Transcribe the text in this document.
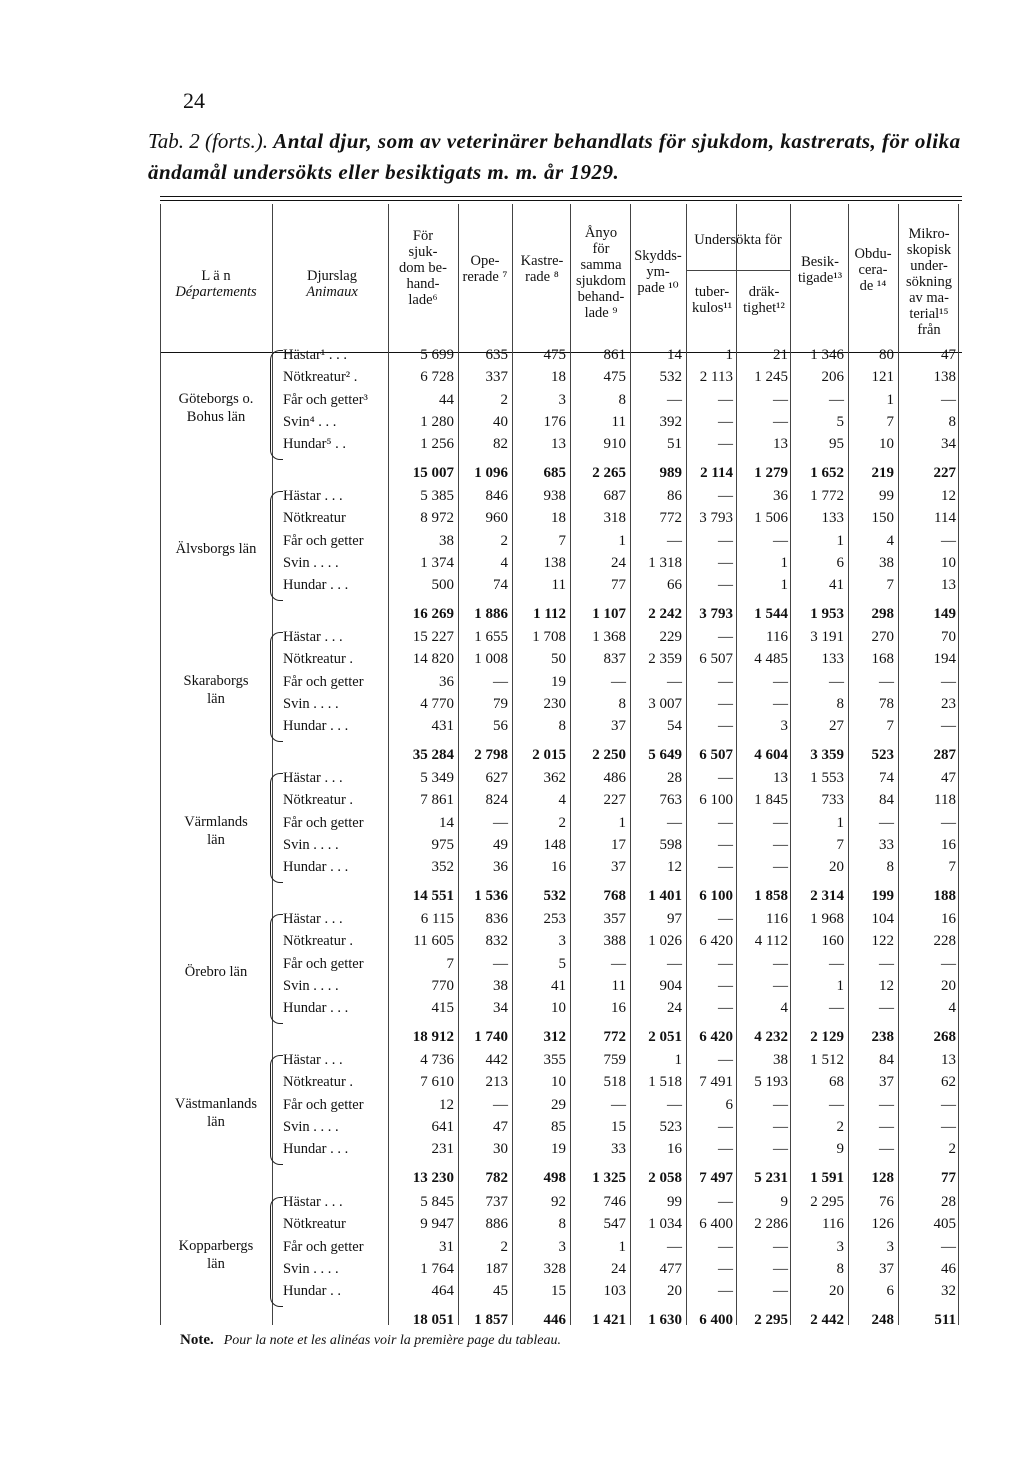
24
Tab. 2 (forts.). Antal djur, som av veterinärer behandlats för sjukdom, kastrerats, för olika ändamål undersökts eller besiktigats m. m. år 1929.
L ä n
Départements
Djurslag
Animaux
För
sjuk-
dom be-
hand-
lade⁶
Ope-
rerade ⁷
Kastre-
rade ⁸
Ånyo
för
samma
sjukdom
behand-
lade ⁹
Skydds-
ym-
pade ¹⁰
Undersökta för
tuber-
kulos¹¹
dräk-
tighet¹²
Besik-
tigade¹³
Obdu-
cera-
de ¹⁴
Mikro-
skopisk
under-
sökning
av ma-
terial¹⁵
från
Göteborgs o.
Bohus län
Hästar¹ . . .	5 699	635	475	861	14	1	21	1 346	80	47
Nötkreatur² .	6 728	337	18	475	532	2 113	1 245	206	121	138
Får och getter³	44	2	3	8	—	—	—	—	1	—
Svin⁴ . . .	1 280	40	176	11	392	—	—	5	7	8
Hundar⁵ . .	1 256	82	13	910	51	—	13	95	10	34
15 007	1 096	685	2 265	989	2 114	1 279	1 652	219	227
Älvsborgs län
Hästar . . .	5 385	846	938	687	86	—	36	1 772	99	12
Nötkreatur	8 972	960	18	318	772	3 793	1 506	133	150	114
Får och getter	38	2	7	1	—	—	—	1	4	—
Svin . . . .	1 374	4	138	24	1 318	—	1	6	38	10
Hundar . . .	500	74	11	77	66	—	1	41	7	13
16 269	1 886	1 112	1 107	2 242	3 793	1 544	1 953	298	149
Skaraborgs
län
Hästar . . .	15 227	1 655	1 708	1 368	229	—	116	3 191	270	70
Nötkreatur .	14 820	1 008	50	837	2 359	6 507	4 485	133	168	194
Får och getter	36	—	19	—	—	—	—	—	—	—
Svin . . . .	4 770	79	230	8	3 007	—	—	8	78	23
Hundar . . .	431	56	8	37	54	—	3	27	7	—
35 284	2 798	2 015	2 250	5 649	6 507	4 604	3 359	523	287
Värmlands
län
Hästar . . .	5 349	627	362	486	28	—	13	1 553	74	47
Nötkreatur .	7 861	824	4	227	763	6 100	1 845	733	84	118
Får och getter	14	—	2	1	—	—	—	1	—	—
Svin . . . .	975	49	148	17	598	—	—	7	33	16
Hundar . . .	352	36	16	37	12	—	—	20	8	7
14 551	1 536	532	768	1 401	6 100	1 858	2 314	199	188
Örebro län
Hästar . . .	6 115	836	253	357	97	—	116	1 968	104	16
Nötkreatur .	11 605	832	3	388	1 026	6 420	4 112	160	122	228
Får och getter	7	—	5	—	—	—	—	—	—	—
Svin . . . .	770	38	41	11	904	—	—	1	12	20
Hundar . . .	415	34	10	16	24	—	4	—	—	4
18 912	1 740	312	772	2 051	6 420	4 232	2 129	238	268
Västmanlands
län
Hästar . . .	4 736	442	355	759	1	—	38	1 512	84	13
Nötkreatur .	7 610	213	10	518	1 518	7 491	5 193	68	37	62
Får och getter	12	—	29	—	—	6	—	—	—	—
Svin . . . .	641	47	85	15	523	—	—	2	—	—
Hundar . . .	231	30	19	33	16	—	—	9	—	2
13 230	782	498	1 325	2 058	7 497	5 231	1 591	128	77
Kopparbergs
län
Hästar . . .	5 845	737	92	746	99	—	9	2 295	76	28
Nötkreatur	9 947	886	8	547	1 034	6 400	2 286	116	126	405
Får och getter	31	2	3	1	—	—	—	3	3	—
Svin . . . .	1 764	187	328	24	477	—	—	8	37	46
Hundar . .	464	45	15	103	20	—	—	20	6	32
18 051	1 857	446	1 421	1 630	6 400	2 295	2 442	248	511
Note. Pour la note et les alinéas voir la première page du tableau.
